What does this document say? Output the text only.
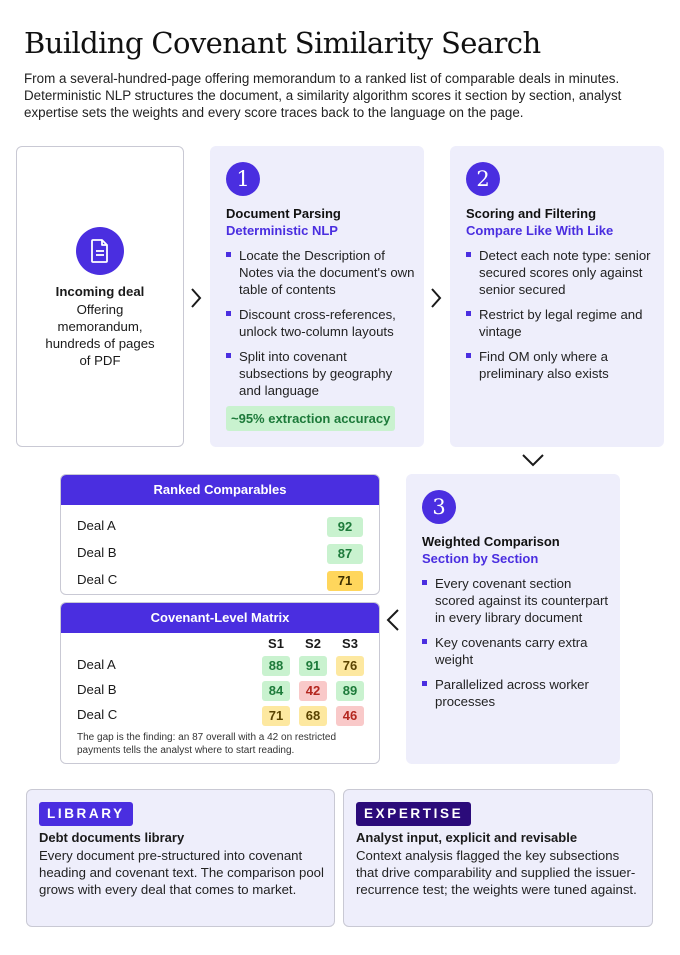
Building Covenant Similarity Search
From a several-hundred-page offering memorandum to a ranked list of comparable deals in minutes. Deterministic NLP structures the document, a similarity algorithm scores it section by section, analyst expertise sets the weights and every score traces back to the language on the page.
Incoming deal
Offering memorandum, hundreds of pages of PDF
1
Document Parsing
Deterministic NLP
Locate the Description of Notes via the document's own table of contents
Discount cross-references, unlock two-column layouts
Split into covenant subsections by geography and language
~95% extraction accuracy
2
Scoring and Filtering
Compare Like With Like
Detect each note type: senior secured scores only against senior secured
Restrict by legal regime and vintage
Find OM only where a preliminary also exists
3
Weighted Comparison
Section by Section
Every covenant section scored against its counterpart in every library document
Key covenants carry extra weight
Parallelized across worker processes
Ranked Comparables
Deal A	92
Deal B	87
Deal C	71
Covenant-Level Matrix
S1	S2	S3
Deal A	88	91	76
Deal B	84	42	89
Deal C	71	68	46
The gap is the finding: an 87 overall with a 42 on restricted payments tells the analyst where to start reading.
LIBRARY
Debt documents library
Every document pre-structured into covenant heading and covenant text. The comparison pool grows with every deal that comes to market.
EXPERTISE
Analyst input, explicit and revisable
Context analysis flagged the key subsections that drive comparability and supplied the issuer-recurrence test; the weights were tuned against.
